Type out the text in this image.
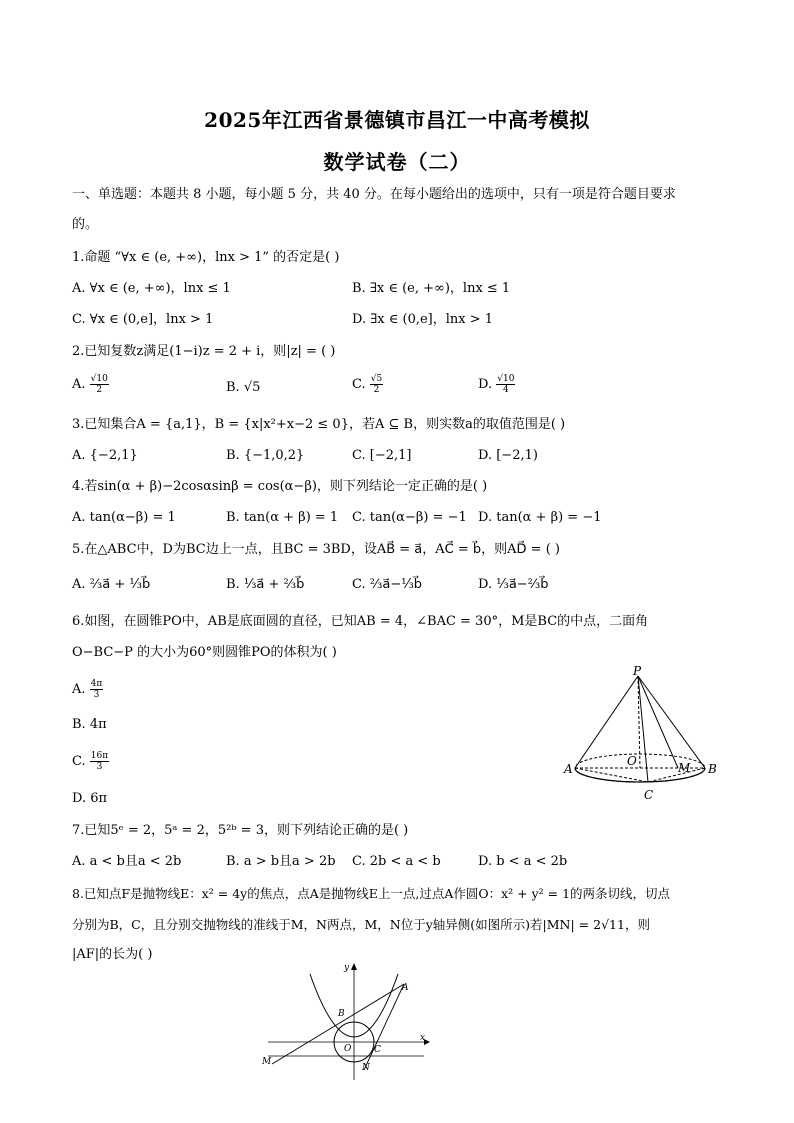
2025年江西省景德镇市昌江一中高考模拟
数学试卷（二）
一、单选题：本题共 8 小题，每小题 5 分，共 40 分。在每小题给出的选项中，只有一项是符合题目要求
的。
1.命题 “∀x ∈ (e, +∞)，lnx > 1” 的否定是( )
A. ∀x ∈ (e, +∞)，lnx ≤ 1	B. ∃x ∈ (e, +∞)，lnx ≤ 1
C. ∀x ∈ (0,e]，lnx > 1	D. ∃x ∈ (0,e]，lnx > 1
2.已知复数z满足(1−i)z = 2 + i，则|z| = ( )
A. $\frac{√10}{2}$	B. √5	C. $\frac{√5}{2}$	D. $\frac{√10}{4}$
3.已知集合A = {a,1}，B = {x|x²+x−2 ≤ 0}，若A ⊆ B，则实数a的取值范围是( )
A. {−2,1}	B. {−1,0,2}	C. [−2,1]	D. [−2,1)
4.若sin(α + β)−2cosαsinβ = cos(α−β)，则下列结论一定正确的是( )
A. tan(α−β) = 1	B. tan(α + β) = 1 C. tan(α−β) = −1 D. tan(α + β) = −1
5.在△ABC中，D为BC边上一点，且BC = 3BD，设AB⃗ = a⃗，AC⃗ = b⃗，则AD⃗ = ( )
A. ⅔a⃗ + ⅓b⃗	B. ⅓a⃗ + ⅔b⃗	C. ⅔a⃗−⅓b⃗	D. ⅓a⃗−⅔b⃗
6.如图，在圆锥PO中，AB是底面圆的直径，已知AB = 4，∠BAC = 30°，M是BC的中点，二面角
O−BC−P 的大小为60°则圆锥PO的体积为( )
A. $\frac{4\pi}{3}$
B. 4π
C. $\frac{16\pi}{3}$
D. 6π
P
A	B
C
O	M
7.已知5ᵉ = 2，5ᵃ = 2，5²ᵇ = 3，则下列结论正确的是( )
A. a < b且a < 2b	B. a > b且a > 2b C. 2b < a < b	D. b < a < 2b
8.已知点F是抛物线E：x² = 4y的焦点，点A是抛物线E上一点,过点A作圆O：x² + y² = 1的两条切线，切点
分别为B，C，且分别交抛物线的准线于M，N两点，M，N位于y轴异侧(如图所示)若|MN| = 2√11，则
|AF|的长为( )
y
x
A
B
C
O
M
N
